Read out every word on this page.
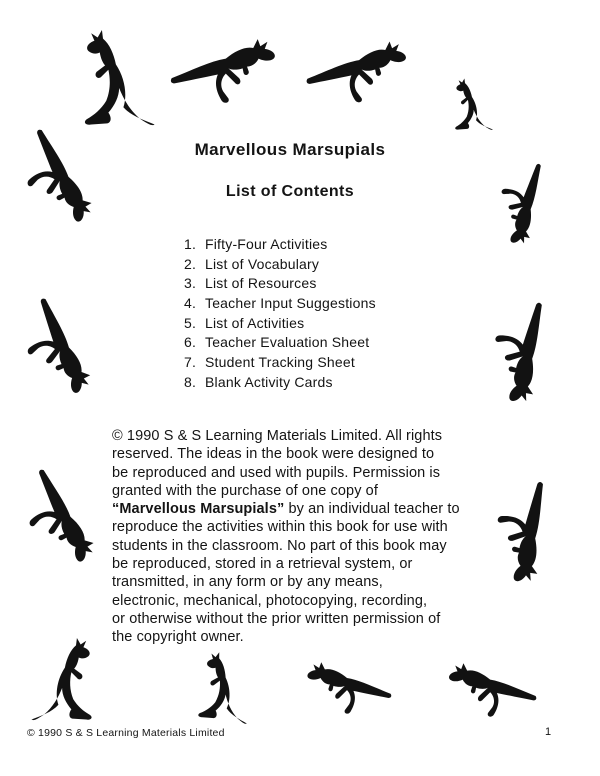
Marvellous Marsupials
List of Contents
1. Fifty-Four Activities
2. List of Vocabulary
3. List of Resources
4. Teacher Input Suggestions
5. List of Activities
6. Teacher Evaluation Sheet
7. Student Tracking Sheet
8. Blank Activity Cards
© 1990 S & S Learning Materials Limited. All rights
reserved. The ideas in the book were designed to
be reproduced and used with pupils. Permission is
granted with the purchase of one copy of
“Marvellous Marsupials” by an individual teacher to
reproduce the activities within this book for use with
students in the classroom. No part of this book may
be reproduced, stored in a retrieval system, or
transmitted, in any form or by any means,
electronic, mechanical, photocopying, recording,
or otherwise without the prior written permission of
the copyright owner.
© 1990 S & S Learning Materials Limited	1
